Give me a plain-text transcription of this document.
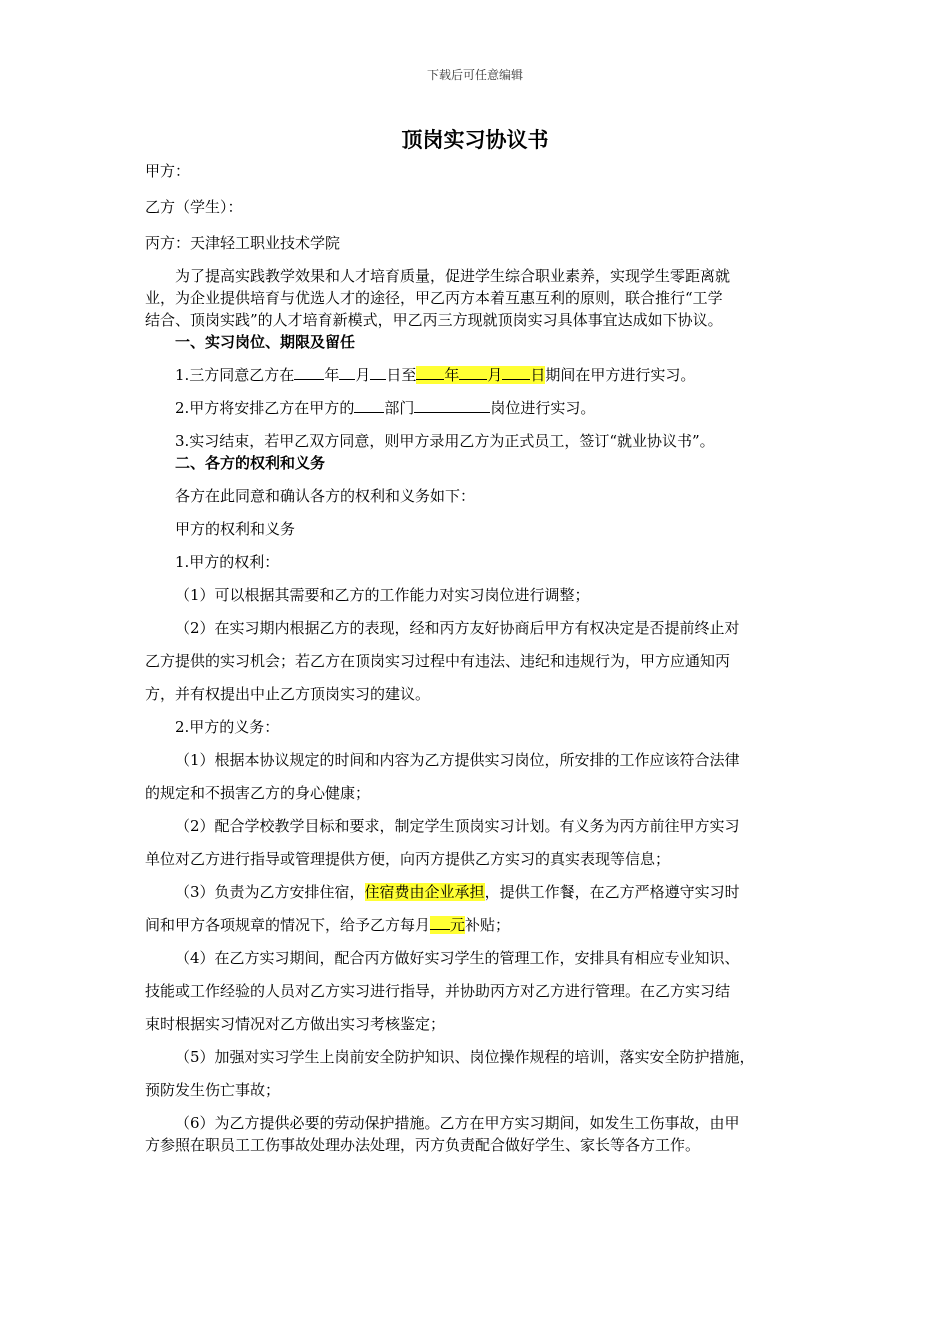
下载后可任意编辑
顶岗实习协议书
甲方：
乙方（学生）：
丙方：天津轻工职业技术学院
为了提高实践教学效果和人才培育质量，促进学生综合职业素养，实现学生零距离就
业，为企业提供培育与优选人才的途径，甲乙丙方本着互惠互利的原则，联合推行“工学
结合、顶岗实践”的人才培育新模式，甲乙丙三方现就顶岗实习具体事宜达成如下协议。
一、实习岗位、期限及留任
1.三方同意乙方在 年 月 日至 年 月 日期间在甲方进行实习。
2.甲方将安排乙方在甲方的 部门	岗位进行实习。
3.实习结束，若甲乙双方同意，则甲方录用乙方为正式员工，签订“就业协议书”。
二、各方的权利和义务
各方在此同意和确认各方的权利和义务如下：
甲方的权利和义务
1.甲方的权利：
（1）可以根据其需要和乙方的工作能力对实习岗位进行调整；
（2）在实习期内根据乙方的表现，经和丙方友好协商后甲方有权决定是否提前终止对
乙方提供的实习机会；若乙方在顶岗实习过程中有违法、违纪和违规行为，甲方应通知丙
方，并有权提出中止乙方顶岗实习的建议。
2.甲方的义务：
（1）根据本协议规定的时间和内容为乙方提供实习岗位，所安排的工作应该符合法律
的规定和不损害乙方的身心健康；
（2）配合学校教学目标和要求，制定学生顶岗实习计划。有义务为丙方前往甲方实习
单位对乙方进行指导或管理提供方便，向丙方提供乙方实习的真实表现等信息；
（3）负责为乙方安排住宿，住宿费由企业承担，提供工作餐，在乙方严格遵守实习时
间和甲方各项规章的情况下，给予乙方每月 元补贴；
（4）在乙方实习期间，配合丙方做好实习学生的管理工作，安排具有相应专业知识、
技能或工作经验的人员对乙方实习进行指导，并协助丙方对乙方进行管理。在乙方实习结
束时根据实习情况对乙方做出实习考核鉴定；
（5）加强对实习学生上岗前安全防护知识、岗位操作规程的培训，落实安全防护措施，
预防发生伤亡事故；
（6）为乙方提供必要的劳动保护措施。乙方在甲方实习期间，如发生工伤事故，由甲
方参照在职员工工伤事故处理办法处理，丙方负责配合做好学生、家长等各方工作。
